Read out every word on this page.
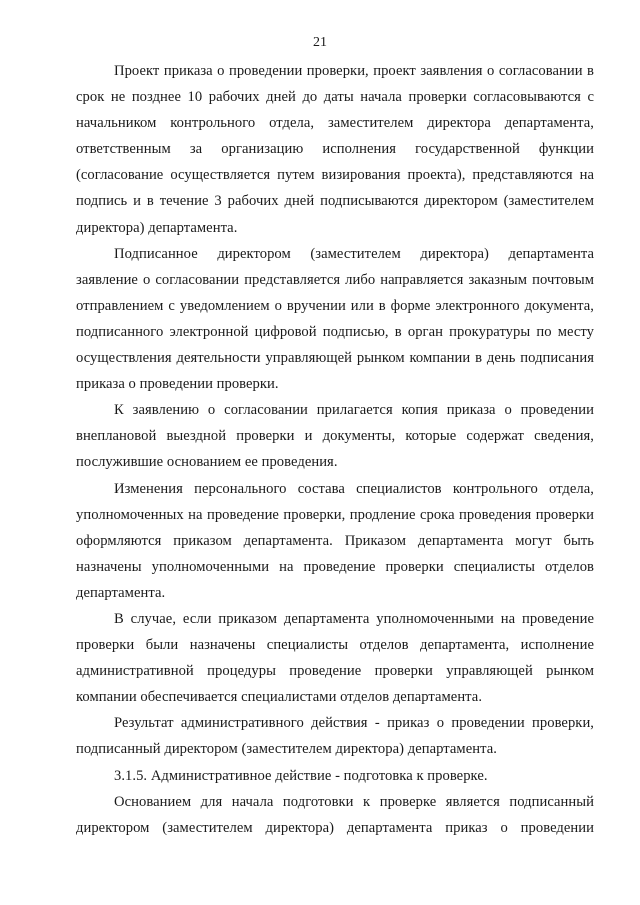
21

Проект приказа о проведении проверки, проект заявления о согласовании в срок не позднее 10 рабочих дней до даты начала проверки согласовываются с начальником контрольного отдела, заместителем директора департамента, ответственным за организацию исполнения государственной функции (согласование осуществляется путем визирования проекта), представляются на подпись и в течение 3 рабочих дней подписываются директором (заместителем директора) департамента.

Подписанное директором (заместителем директора) департамента заявление о согласовании представляется либо направляется заказным почтовым отправлением с уведомлением о вручении или в форме электронного документа, подписанного электронной цифровой подписью, в орган прокуратуры по месту осуществления деятельности управляющей рынком компании в день подписания приказа о проведении проверки.

К заявлению о согласовании прилагается копия приказа о проведении внеплановой выездной проверки и документы, которые содержат сведения, послужившие основанием ее проведения.

Изменения персонального состава специалистов контрольного отдела, уполномоченных на проведение проверки, продление срока проведения проверки оформляются приказом департамента. Приказом департамента могут быть назначены уполномоченными на проведение проверки специалисты отделов департамента.

В случае, если приказом департамента уполномоченными на проведение проверки были назначены специалисты отделов департамента, исполнение административной процедуры проведение проверки управляющей рынком компании обеспечивается специалистами отделов департамента.

Результат административного действия - приказ о проведении проверки, подписанный директором (заместителем директора) департамента.

3.1.5. Административное действие - подготовка к проверке.

Основанием для начала подготовки к проверке является подписанный директором (заместителем директора) департамента приказ о проведении
